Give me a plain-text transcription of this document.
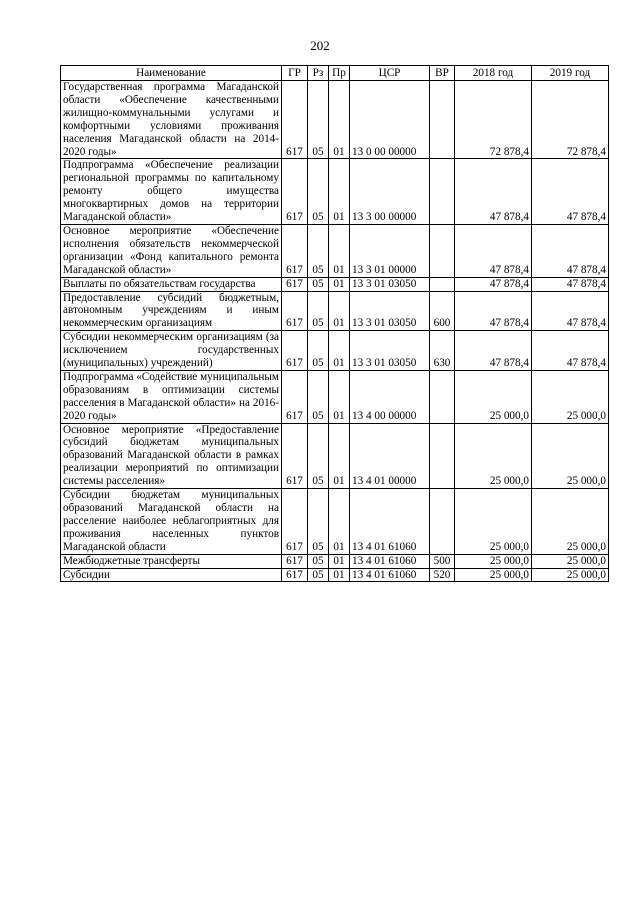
202
Наименование	ГР	Рз	Пр	ЦСР	ВР	2018 год	2019 год
Государственная программа Магаданской области «Обеспечение качественными жилищно-коммунальными услугами и комфортными условиями проживания населения Магаданской области на 2014-2020 годы»	617	05	01	13 0 00 00000		72 878,4	72 878,4
Подпрограмма «Обеспечение реализации региональной программы по капитальному ремонту общего имущества многоквартирных домов на территории Магаданской области»	617	05	01	13 3 00 00000		47 878,4	47 878,4
Основное мероприятие «Обеспечение исполнения обязательств некоммерческой организации «Фонд капитального ремонта Магаданской области»	617	05	01	13 3 01 00000		47 878,4	47 878,4
Выплаты по обязательствам государства	617	05	01	13 3 01 03050		47 878,4	47 878,4
Предоставление субсидий бюджетным, автономным учреждениям и иным некоммерческим организациям	617	05	01	13 3 01 03050	600	47 878,4	47 878,4
Субсидии некоммерческим организациям (за исключением государственных (муниципальных) учреждений)	617	05	01	13 3 01 03050	630	47 878,4	47 878,4
Подпрограмма «Содействие муниципальным образованиям в оптимизации системы расселения в Магаданской области» на 2016-2020 годы»	617	05	01	13 4 00 00000		25 000,0	25 000,0
Основное мероприятие «Предоставление субсидий бюджетам муниципальных образований Магаданской области в рамках реализации мероприятий по оптимизации системы расселения»	617	05	01	13 4 01 00000		25 000,0	25 000,0
Субсидии бюджетам муниципальных образований Магаданской области на расселение наиболее неблагоприятных для проживания населенных пунктов Магаданской области	617	05	01	13 4 01 61060		25 000,0	25 000,0
Межбюджетные трансферты	617	05	01	13 4 01 61060	500	25 000,0	25 000,0
Субсидии	617	05	01	13 4 01 61060	520	25 000,0	25 000,0
